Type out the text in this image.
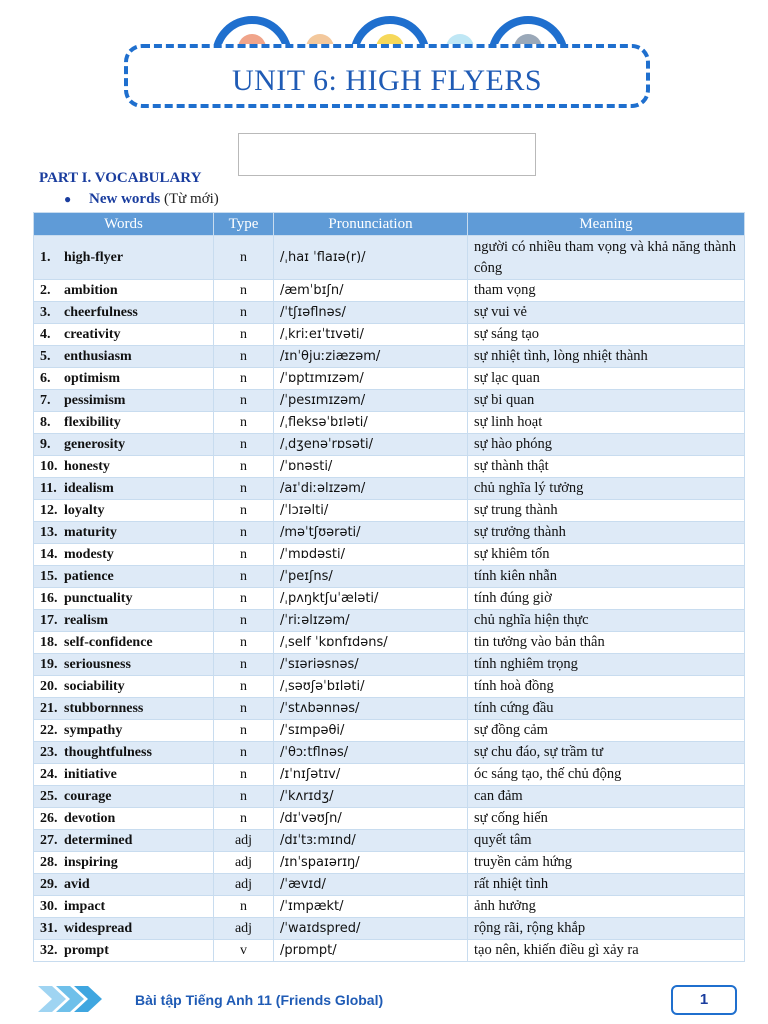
UNIT 6: HIGH FLYERS
PART I. VOCABULARY
● New words (Từ mới)
Words	Type	Pronunciation	Meaning
1. high-flyer	n	/ˌhaɪ ˈflaɪə(r)/	người có nhiều tham vọng và khả năng thành công
2. ambition	n	/æmˈbɪʃn/	tham vọng
3. cheerfulness	n	/ˈtʃɪəflnəs/	sự vui vẻ
4. creativity	n	/ˌkriːeɪˈtɪvəti/	sự sáng tạo
5. enthusiasm	n	/ɪnˈθjuːziæzəm/	sự nhiệt tình, lòng nhiệt thành
6. optimism	n	/ˈɒptɪmɪzəm/	sự lạc quan
7. pessimism	n	/ˈpesɪmɪzəm/	sự bi quan
8. flexibility	n	/ˌfleksəˈbɪləti/	sự linh hoạt
9. generosity	n	/ˌdʒenəˈrɒsəti/	sự hào phóng
10. honesty	n	/ˈɒnəsti/	sự thành thật
11. idealism	n	/aɪˈdiːəlɪzəm/	chủ nghĩa lý tưởng
12. loyalty	n	/ˈlɔɪəlti/	sự trung thành
13. maturity	n	/məˈtʃʊərəti/	sự trưởng thành
14. modesty	n	/ˈmɒdəsti/	sự khiêm tốn
15. patience	n	/ˈpeɪʃns/	tính kiên nhẫn
16. punctuality	n	/ˌpʌŋktʃuˈæləti/	tính đúng giờ
17. realism	n	/ˈriːəlɪzəm/	chủ nghĩa hiện thực
18. self-confidence	n	/ˌself ˈkɒnfɪdəns/	tin tưởng vào bản thân
19. seriousness	n	/ˈsɪəriəsnəs/	tính nghiêm trọng
20. sociability	n	/ˌsəʊʃəˈbɪləti/	tính hoà đồng
21. stubbornness	n	/ˈstʌbənnəs/	tính cứng đầu
22. sympathy	n	/ˈsɪmpəθi/	sự đồng cảm
23. thoughtfulness	n	/ˈθɔːtflnəs/	sự chu đáo, sự trầm tư
24. initiative	n	/ɪˈnɪʃətɪv/	óc sáng tạo, thế chủ động
25. courage	n	/ˈkʌrɪdʒ/	can đảm
26. devotion	n	/dɪˈvəʊʃn/	sự cống hiến
27. determined	adj	/dɪˈtɜːmɪnd/	quyết tâm
28. inspiring	adj	/ɪnˈspaɪərɪŋ/	truyền cảm hứng
29. avid	adj	/ˈævɪd/	rất nhiệt tình
30. impact	n	/ˈɪmpækt/	ảnh hưởng
31. widespread	adj	/ˈwaɪdspred/	rộng rãi, rộng khắp
32. prompt	v	/prɒmpt/	tạo nên, khiến điều gì xảy ra
Bài tập Tiếng Anh 11 (Friends Global)	1
